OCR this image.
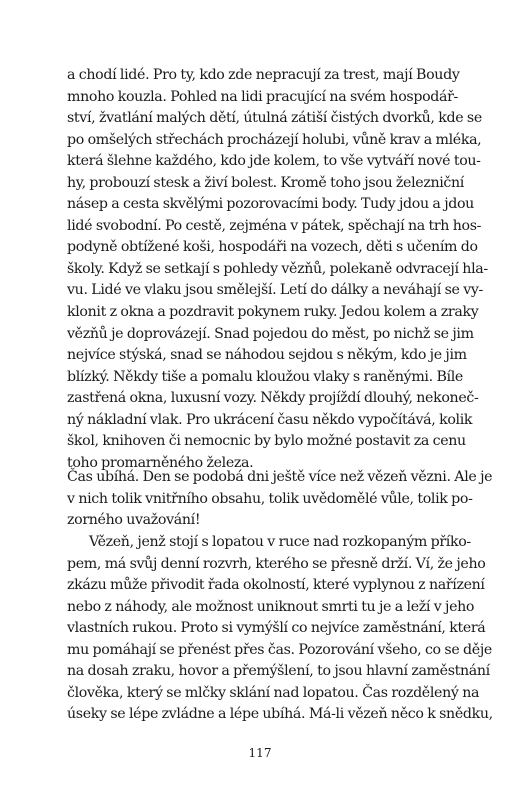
a chodí lidé. Pro ty, kdo zde nepracují za trest, mají Boudy
mnoho kouzla. Pohled na lidi pracující na svém hospodář-
ství, žvatlání malých dětí, útulná zátiší čistých dvorků, kde se
po omšelých střechách procházejí holubi, vůně krav a mléka,
která šlehne každého, kdo jde kolem, to vše vytváří nové tou-
hy, probouzí stesk a živí bolest. Kromě toho jsou železniční
násep a cesta skvělými pozorovacími body. Tudy jdou a jdou
lidé svobodní. Po cestě, zejména v pátek, spěchají na trh hos-
podyně obtížené koši, hospodáři na vozech, děti s učením do
školy. Když se setkají s pohledy vězňů, polekaně odvracejí hla-
vu. Lidé ve vlaku jsou smělejší. Letí do dálky a neváhají se vy-
klonit z okna a pozdravit pokynem ruky. Jedou kolem a zraky
vězňů je doprovázejí. Snad pojedou do měst, po nichž se jim
nejvíce stýská, snad se náhodou sejdou s někým, kdo je jim
blízký. Někdy tiše a pomalu kloužou vlaky s raněnými. Bíle
zastřená okna, luxusní vozy. Někdy projíždí dlouhý, nekoneč-
ný nákladní vlak. Pro ukrácení času někdo vypočítává, kolik
škol, knihoven či nemocnic by bylo možné postavit za cenu
toho promarněného železa.
Čas ubíhá. Den se podobá dni ještě více než vězeň vězni. Ale je
v nich tolik vnitřního obsahu, tolik uvědomělé vůle, tolik po-
zorného uvažování!
Vězeň, jenž stojí s lopatou v ruce nad rozkopaným příko-
pem, má svůj denní rozvrh, kterého se přesně drží. Ví, že jeho
zkázu může přivodit řada okolností, které vyplynou z nařízení
nebo z náhody, ale možnost uniknout smrti tu je a leží v jeho
vlastních rukou. Proto si vymýšlí co nejvíce zaměstnání, která
mu pomáhají se přenést přes čas. Pozorování všeho, co se děje
na dosah zraku, hovor a přemýšlení, to jsou hlavní zaměstnání
člověka, který se mlčky sklání nad lopatou. Čas rozdělený na
úseky se lépe zvládne a lépe ubíhá. Má-li vězeň něco k snědku,
117
